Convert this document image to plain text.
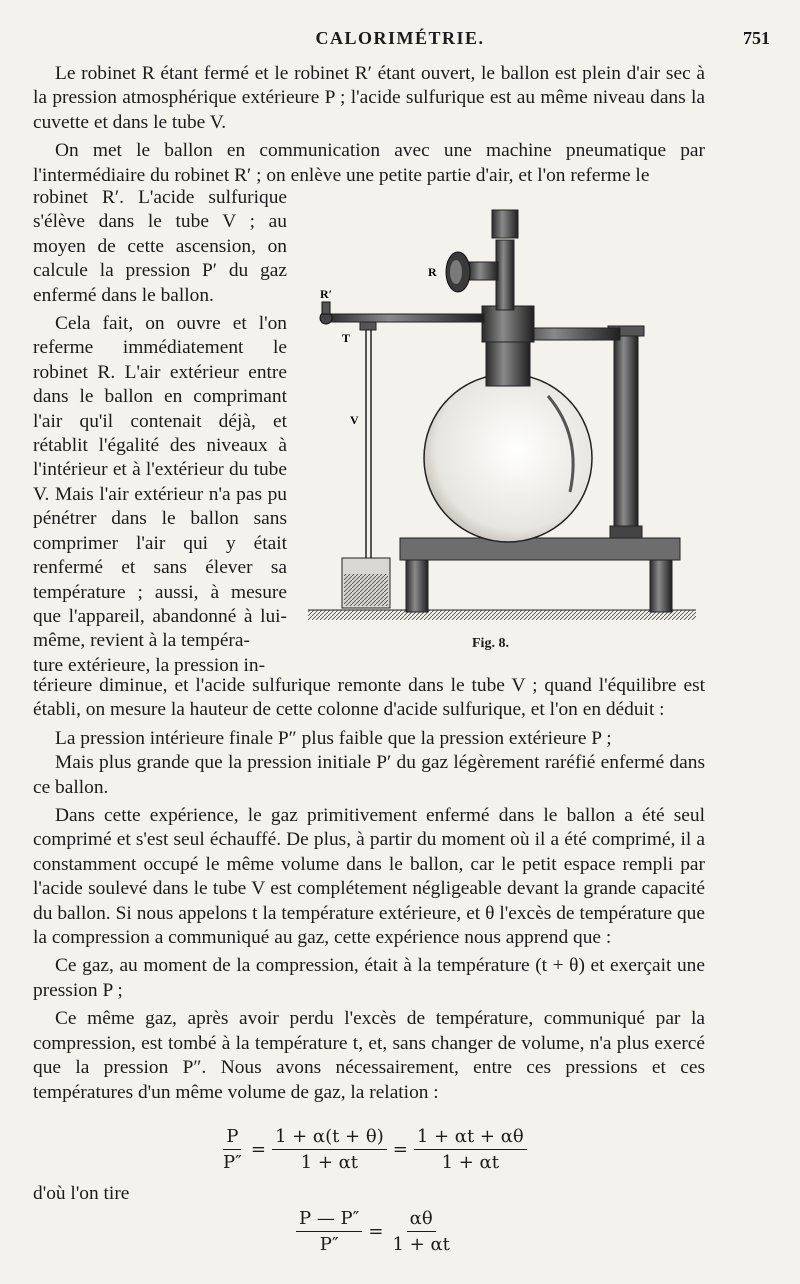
CALORIMÉTRIE.	751

Le robinet R étant fermé et le robinet R′ étant ouvert, le ballon est plein d'air sec à la pression atmosphérique extérieure P ; l'acide sulfurique est au même niveau dans la cuvette et dans le tube V.

On met le ballon en communication avec une machine pneumatique par l'intermédiaire du robinet R′ ; on enlève une petite partie d'air, et l'on referme le

robinet R′. L'acide sulfurique s'élève dans le tube V ; au moyen de cette ascension, on calcule la pression P′ du gaz enfermé dans le ballon.

Cela fait, on ouvre et l'on referme immédiatement le robinet R. L'air extérieur entre dans le ballon en comprimant l'air qu'il contenait déjà, et rétablit l'égalité des niveaux à l'intérieur et à l'extérieur du tube V. Mais l'air extérieur n'a pas pu pénétrer dans le ballon sans comprimer l'air qui y était renfermé et sans élever sa température ; aussi, à mesure que l'appareil, abandonné à lui-même, revient à la tempéra-

ture extérieure, la pression in-

R
R′
T
V
Fig. 8.

térieure diminue, et l'acide sulfurique remonte dans le tube V ; quand l'équilibre est établi, on mesure la hauteur de cette colonne d'acide sulfurique, et l'on en déduit :

La pression intérieure finale P″ plus faible que la pression extérieure P ;

Mais plus grande que la pression initiale P′ du gaz légèrement raréfié enfermé dans ce ballon.

Dans cette expérience, le gaz primitivement enfermé dans le ballon a été seul comprimé et s'est seul échauffé. De plus, à partir du moment où il a été comprimé, il a constamment occupé le même volume dans le ballon, car le petit espace rempli par l'acide soulevé dans le tube V est complétement négligeable devant la grande capacité du ballon. Si nous appelons t la température extérieure, et θ l'excès de température que la compression a communiqué au gaz, cette expérience nous apprend que :

Ce gaz, au moment de la compression, était à la température (t + θ) et exerçait une pression P ;

Ce même gaz, après avoir perdu l'excès de température, communiqué par la compression, est tombé à la température t, et, sans changer de volume, n'a plus exercé que la pression P″. Nous avons nécessairement, entre ces pressions et ces températures d'un même volume de gaz, la relation :

$\frac{P}{P''} = \frac{1 + \alpha(t + \theta)}{1 + \alpha t} = \frac{1 + \alpha t + \alpha\theta}{1 + \alpha t}$

d'où l'on tire

$\frac{P — P''}{P''} = \frac{\alpha\theta}{1 + \alpha t}$
